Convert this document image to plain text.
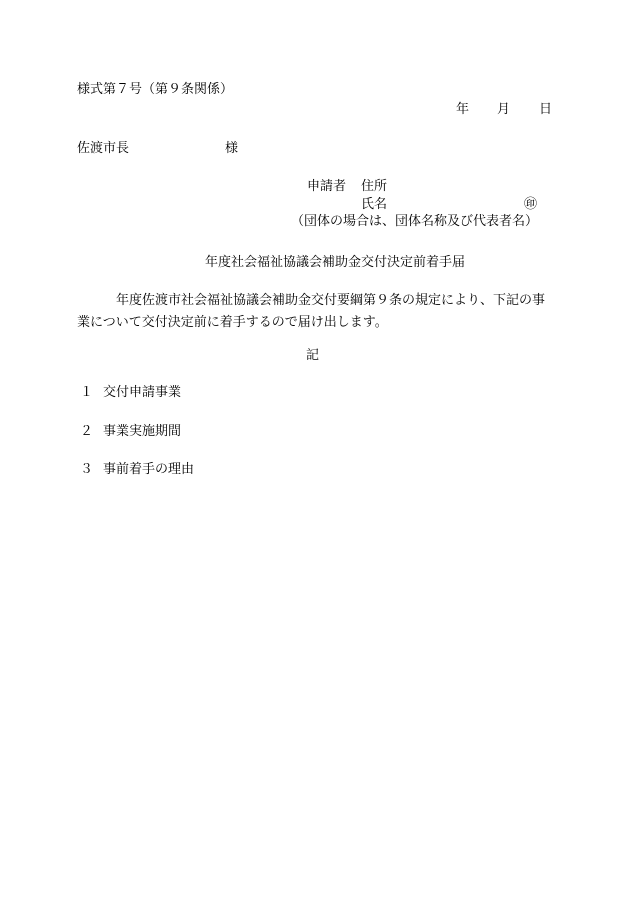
様式第７号（第９条関係）
年 月 日
佐渡市長	様
申請者 住所
氏名	㊞
（団体の場合は、団体名称及び代表者名）
年度社会福祉協議会補助金交付決定前着手届
年度佐渡市社会福祉協議会補助金交付要綱第９条の規定により、下記の事業について交付決定前に着手するので届け出します。
記
１ 交付申請事業
２ 事業実施期間
３ 事前着手の理由
